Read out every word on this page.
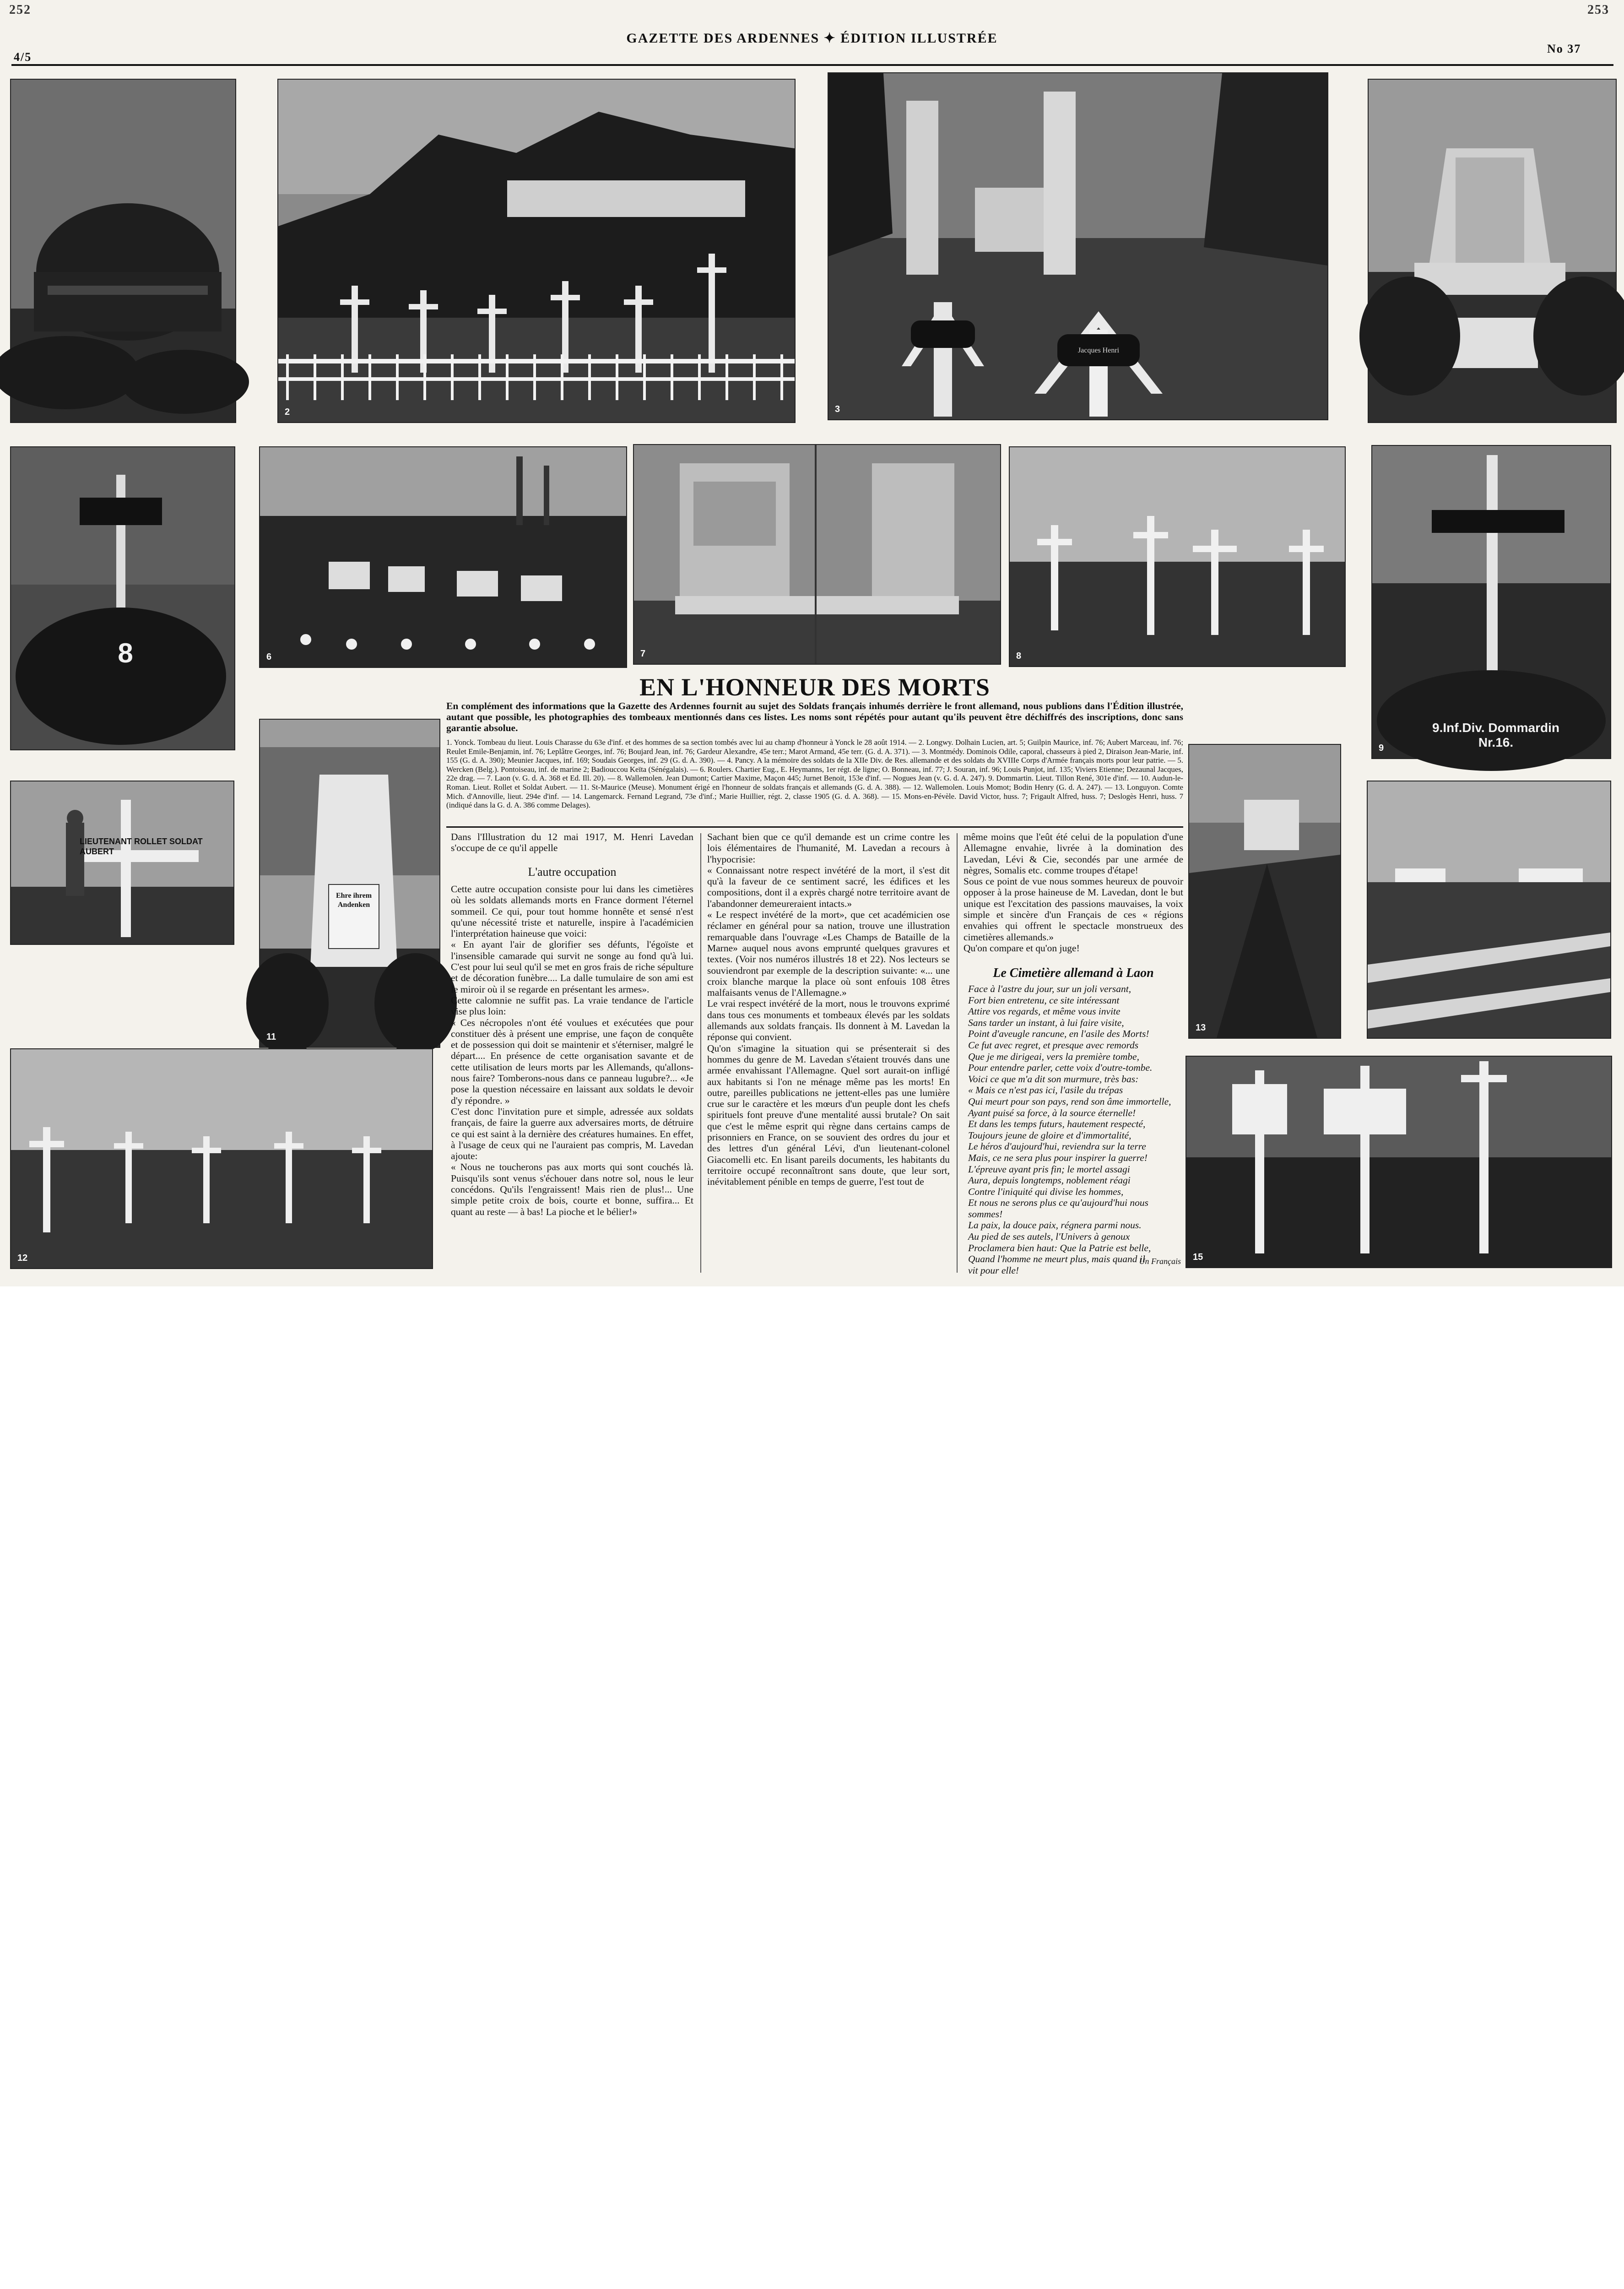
252	253
4/5
GAZETTE DES ARDENNES ✦ ÉDITION ILLUSTRÉE
No 37
2
Jacques Henri
3
8	6	7	8
9.Inf.Div. Dommardin Nr.16.
9
LIEUTENANT ROLLET SOLDAT AUBERT
Ehre ihrem Andenken
11
12
13
15
EN L'HONNEUR DES MORTS
En complément des informations que la Gazette des Ardennes fournit au sujet des Soldats français inhumés derrière le front allemand, nous publions dans l'Édition illustrée, autant que possible, les photographies des tombeaux mentionnés dans ces listes. Les noms sont répétés pour autant qu'ils peuvent être déchiffrés des inscriptions, donc sans garantie absolue.
1. Yonck. Tombeau du lieut. Louis Charasse du 63e d'inf. et des hommes de sa section tombés avec lui au champ d'honneur à Yonck le 28 août 1914. — 2. Longwy. Dolhain Lucien, art. 5; Guilpin Maurice, inf. 76; Aubert Marceau, inf. 76; Reulet Emile-Benjamin, inf. 76; Leplâtre Georges, inf. 76; Boujard Jean, inf. 76; Gardeur Alexandre, 45e terr.; Marot Armand, 45e terr. (G. d. A. 371). — 3. Montmédy. Dominois Odile, caporal, chasseurs à pied 2, Diraison Jean-Marie, inf. 155 (G. d. A. 390); Meunier Jacques, inf. 169; Soudais Georges, inf. 29 (G. d. A. 390). — 4. Pancy. A la mémoire des soldats de la XIIe Div. de Res. allemande et des soldats du XVIIIe Corps d'Armée français morts pour leur patrie. — 5. Wercken (Belg.). Pontoiseau, inf. de marine 2; Badiouccou Keïta (Sénégalais). — 6. Roulers. Chartier Eug., E. Heymanns, 1er régt. de ligne; O. Bonneau, inf. 77; J. Souran, inf. 96; Louis Punjot, inf. 135; Viviers Etienne; Dezaunal Jacques, 22e drag. — 7. Laon (v. G. d. A. 368 et Ed. Ill. 20). — 8. Wallemolen. Jean Dumont; Cartier Maxime, Maçon 445; Jurnet Benoit, 153e d'inf. — Nogues Jean (v. G. d. A. 247). 9. Dommartin. Lieut. Tillon René, 301e d'inf. — 10. Audun-le-Roman. Lieut. Rollet et Soldat Aubert. — 11. St-Maurice (Meuse). Monument érigé en l'honneur de soldats français et allemands (G. d. A. 388). — 12. Wallemolen. Louis Momot; Bodin Henry (G. d. A. 247). — 13. Longuyon. Comte Mich. d'Annoville, lieut. 294e d'inf. — 14. Langemarck. Fernand Legrand, 73e d'inf.; Marie Huillier, régt. 2, classe 1905 (G. d. A. 368). — 15. Mons-en-Pévèle. David Victor, huss. 7; Frigault Alfred, huss. 7; Deslogès Henri, huss. 7 (indiqué dans la G. d. A. 386 comme Delages).
Dans l'Illustration du 12 mai 1917, M. Henri Lavedan s'occupe de ce qu'il appelle
L'autre occupation
Cette autre occupation consiste pour lui dans les cimetières où les soldats allemands morts en France dorment l'éternel sommeil. Ce qui, pour tout homme honnête et sensé n'est qu'une nécessité triste et naturelle, inspire à l'académicien l'interprétation haineuse que voici:
« En ayant l'air de glorifier ses défunts, l'égoïste et l'insensible camarade qui survit ne songe au fond qu'à lui. C'est pour lui seul qu'il se met en gros frais de riche sépulture et de décoration funèbre.... La dalle tumulaire de son ami est le miroir où il se regarde en présentant les armes».
Cette calomnie ne suffit pas. La vraie tendance de l'article vise plus loin:
« Ces nécropoles n'ont été voulues et exécutées que pour constituer dès à présent une emprise, une façon de conquête et de possession qui doit se maintenir et s'éterniser, malgré le départ.... En présence de cette organisation savante et de cette utilisation de leurs morts par les Allemands, qu'allons-nous faire? Tomberons-nous dans ce panneau lugubre?... «Je pose la question nécessaire en laissant aux soldats le devoir d'y répondre. »
C'est donc l'invitation pure et simple, adressée aux soldats français, de faire la guerre aux adversaires morts, de détruire ce qui est saint à la dernière des créatures humaines. En effet, à l'usage de ceux qui ne l'auraient pas compris, M. Lavedan ajoute:
« Nous ne toucherons pas aux morts qui sont couchés là. Puisqu'ils sont venus s'échouer dans notre sol, nous le leur concédons. Qu'ils l'engraissent! Mais rien de plus!... Une simple petite croix de bois, courte et bonne, suffira... Et quant au reste — à bas! La pioche et le bélier!»
Sachant bien que ce qu'il demande est un crime contre les lois élémentaires de l'humanité, M. Lavedan a recours à l'hypocrisie:
« Connaissant notre respect invétéré de la mort, il s'est dit qu'à la faveur de ce sentiment sacré, les édifices et les compositions, dont il a exprès chargé notre territoire avant de l'abandonner demeureraient intacts.»
« Le respect invétéré de la mort», que cet académicien ose réclamer en général pour sa nation, trouve une illustration remarquable dans l'ouvrage «Les Champs de Bataille de la Marne» auquel nous avons emprunté quelques gravures et textes. (Voir nos numéros illustrés 18 et 22). Nos lecteurs se souviendront par exemple de la description suivante: «... une croix blanche marque la place où sont enfouis 108 êtres malfaisants venus de l'Allemagne.»
Le vrai respect invétéré de la mort, nous le trouvons exprimé dans tous ces monuments et tombeaux élevés par les soldats allemands aux soldats français. Ils donnent à M. Lavedan la réponse qui convient.
Qu'on s'imagine la situation qui se présenterait si des hommes du genre de M. Lavedan s'étaient trouvés dans une armée envahissant l'Allemagne. Quel sort aurait-on infligé aux habitants si l'on ne ménage même pas les morts! En outre, pareilles publications ne jettent-elles pas une lumière crue sur le caractère et les mœurs d'un peuple dont les chefs spirituels font preuve d'une mentalité aussi brutale? On sait que c'est le même esprit qui règne dans certains camps de prisonniers en France, on se souvient des ordres du jour et des lettres d'un général Lévi, d'un lieutenant-colonel Giacomelli etc. En lisant pareils documents, les habitants du territoire occupé reconnaîtront sans doute, que leur sort, inévitablement pénible en temps de guerre, l'est tout de
même moins que l'eût été celui de la population d'une Allemagne envahie, livrée à la domination des Lavedan, Lévi & Cie, secondés par une armée de nègres, Somalis etc. comme troupes d'étape!
Sous ce point de vue nous sommes heureux de pouvoir opposer à la prose haineuse de M. Lavedan, dont le but unique est l'excitation des passions mauvaises, la voix simple et sincère d'un Français de ces « régions envahies qui offrent le spectacle monstrueux des cimetières allemands.»
Qu'on compare et qu'on juge!
Le Cimetière allemand à Laon
Face à l'astre du jour, sur un joli versant,
Fort bien entretenu, ce site intéressant
Attire vos regards, et même vous invite
Sans tarder un instant, à lui faire visite,
Point d'aveugle rancune, en l'asile des Morts!
Ce fut avec regret, et presque avec remords
Que je me dirigeai, vers la première tombe,
Pour entendre parler, cette voix d'outre-tombe.
Voici ce que m'a dit son murmure, très bas:
« Mais ce n'est pas ici, l'asile du trépas
Qui meurt pour son pays, rend son âme immortelle,
Ayant puisé sa force, à la source éternelle!
Et dans les temps futurs, hautement respecté,
Toujours jeune de gloire et d'immortalité,
Le héros d'aujourd'hui, reviendra sur la terre
Mais, ce ne sera plus pour inspirer la guerre!
L'épreuve ayant pris fin; le mortel assagi
Aura, depuis longtemps, noblement réagi
Contre l'iniquité qui divise les hommes,
Et nous ne serons plus ce qu'aujourd'hui nous
sommes!
La paix, la douce paix, régnera parmi nous.
Au pied de ses autels, l'Univers à genoux
Proclamera bien haut: Que la Patrie est belle,
Quand l'homme ne meurt plus, mais quand il
vit pour elle!
Un Français
